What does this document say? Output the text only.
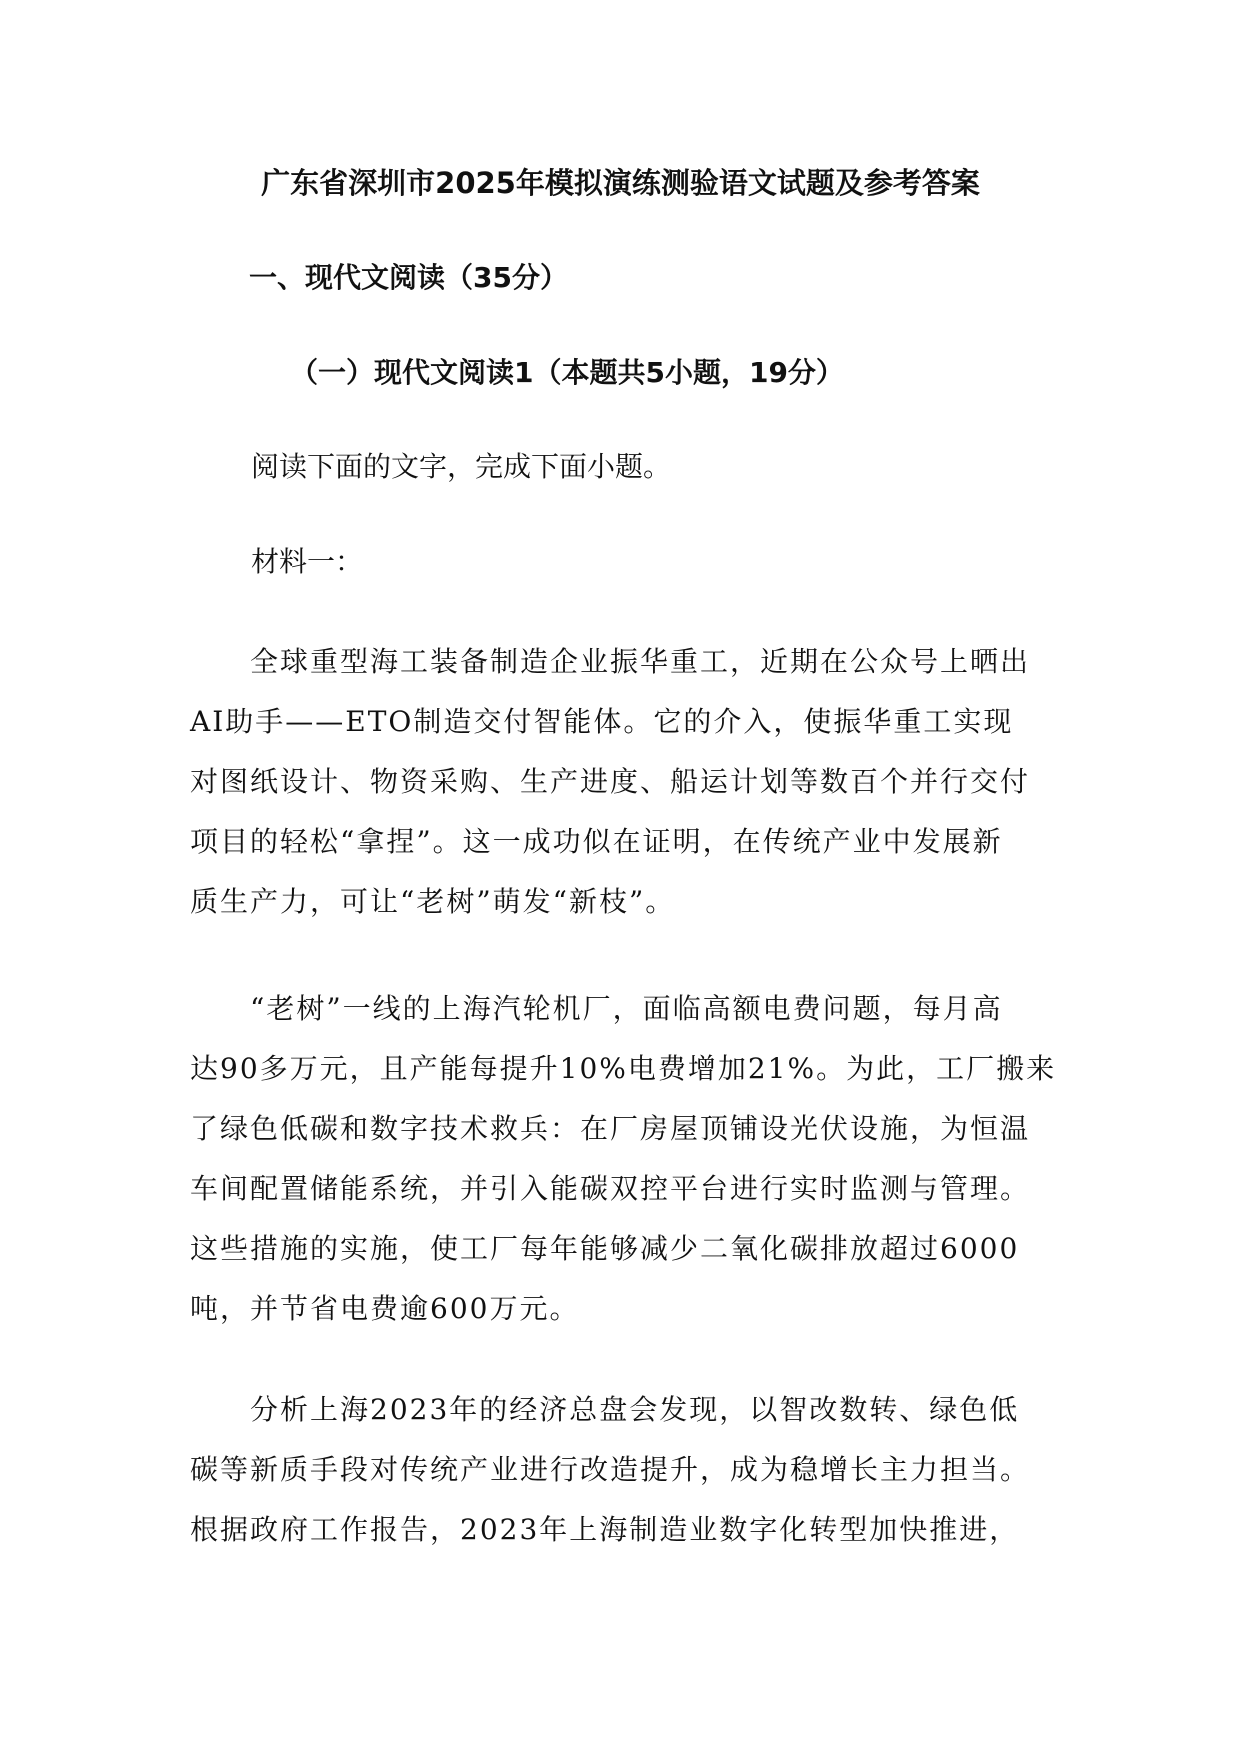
广东省深圳市2025年模拟演练测验语文试题及参考答案
一、现代文阅读（35分）
（一）现代文阅读1（本题共5小题，19分）
阅读下面的文字，完成下面小题。
材料一：
全球重型海工装备制造企业振华重工，近期在公众号上晒出
AI助手——ETO制造交付智能体。它的介入，使振华重工实现
对图纸设计、物资采购、生产进度、船运计划等数百个并行交付
项目的轻松“拿捏”。这一成功似在证明，在传统产业中发展新
质生产力，可让“老树”萌发“新枝”。
“老树”一线的上海汽轮机厂，面临高额电费问题，每月高
达90多万元，且产能每提升10%电费增加21%。为此，工厂搬来
了绿色低碳和数字技术救兵：在厂房屋顶铺设光伏设施，为恒温
车间配置储能系统，并引入能碳双控平台进行实时监测与管理。
这些措施的实施，使工厂每年能够减少二氧化碳排放超过6000
吨，并节省电费逾600万元。
分析上海2023年的经济总盘会发现，以智改数转、绿色低
碳等新质手段对传统产业进行改造提升，成为稳增长主力担当。
根据政府工作报告，2023年上海制造业数字化转型加快推进，
